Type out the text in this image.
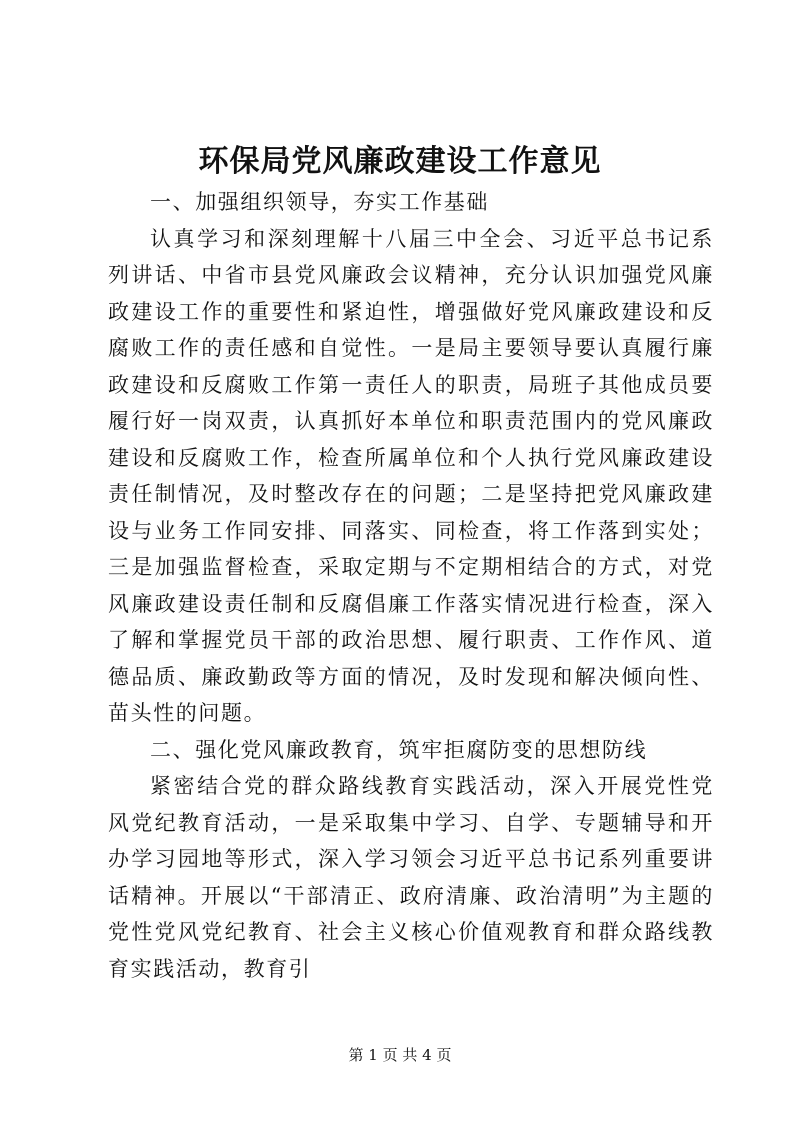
环保局党风廉政建设工作意见

一、加强组织领导，夯实工作基础

认真学习和深刻理解十八届三中全会、习近平总书记系列讲话、中省市县党风廉政会议精神，充分认识加强党风廉政建设工作的重要性和紧迫性，增强做好党风廉政建设和反腐败工作的责任感和自觉性。一是局主要领导要认真履行廉政建设和反腐败工作第一责任人的职责，局班子其他成员要履行好一岗双责，认真抓好本单位和职责范围内的党风廉政建设和反腐败工作，检查所属单位和个人执行党风廉政建设责任制情况，及时整改存在的问题；二是坚持把党风廉政建设与业务工作同安排、同落实、同检查，将工作落到实处；三是加强监督检查，采取定期与不定期相结合的方式，对党风廉政建设责任制和反腐倡廉工作落实情况进行检查，深入了解和掌握党员干部的政治思想、履行职责、工作作风、道德品质、廉政勤政等方面的情况，及时发现和解决倾向性、苗头性的问题。

二、强化党风廉政教育，筑牢拒腐防变的思想防线

紧密结合党的群众路线教育实践活动，深入开展党性党风党纪教育活动，一是采取集中学习、自学、专题辅导和开办学习园地等形式，深入学习领会习近平总书记系列重要讲话精神。开展以“干部清正、政府清廉、政治清明”为主题的党性党风党纪教育、社会主义核心价值观教育和群众路线教育实践活动，教育引

第 1 页 共 4 页
